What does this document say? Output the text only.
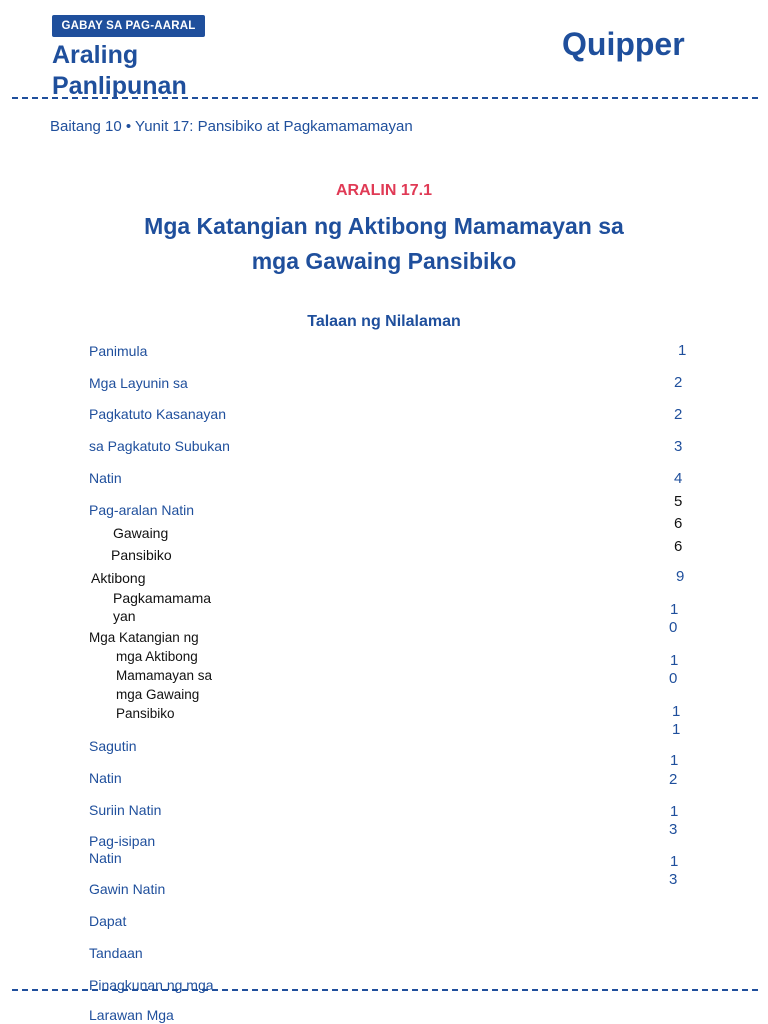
GABAY SA PAG-AARAL
Araling
Panlipunan
Quipper
Baitang 10 • Yunit 17: Pansibiko at Pagkamamamayan
ARALIN 17.1
Mga Katangian ng Aktibong Mamamayan sa
mga Gawaing Pansibiko
Talaan ng Nilalaman
Panimula
Mga Layunin sa
Pagkatuto Kasanayan
sa Pagkatuto Subukan
Natin
Pag-aralan Natin
Gawaing
Pansibiko
Aktibong
Pagkamamama
yan
Mga Katangian ng
mga Aktibong
Mamamayan sa
mga Gawaing
Pansibiko
Sagutin
Natin
Suriin Natin
Pag-isipan
Natin
Gawin Natin
Dapat
Tandaan
Pinagkunan ng mga
Larawan Mga
1
2
2
3
4
5
6
6
9
1
0
1
0
1
1
1
2
1
3
1
3
